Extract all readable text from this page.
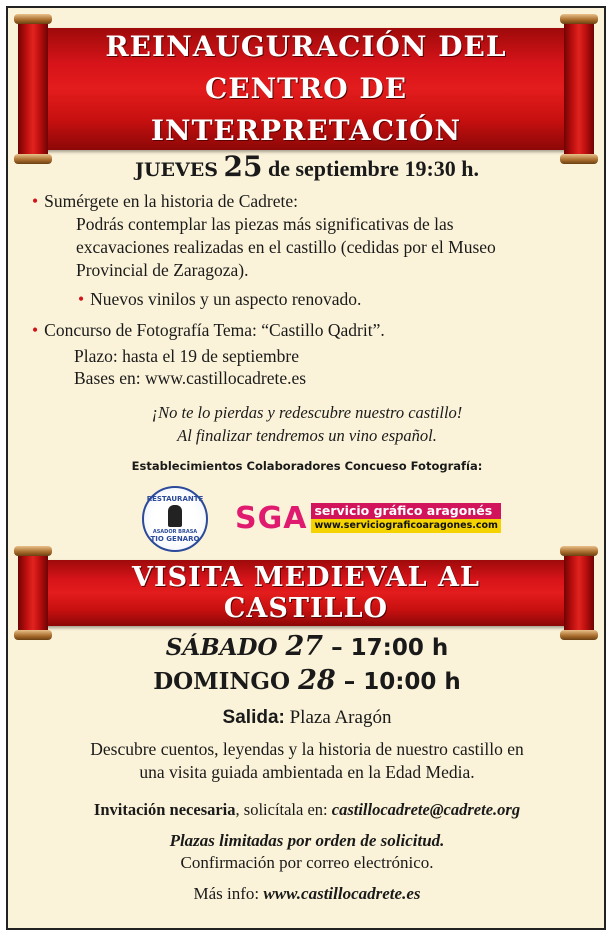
REINAUGURACIÓN DEL
CENTRO DE INTERPRETACIÓN
JUEVES 25 de septiembre 19:30 h.
• Sumérgete en la historia de Cadrete:
Podrás contemplar las piezas más significativas de las
excavaciones realizadas en el castillo (cedidas por el Museo
Provincial de Zaragoza).
• Nuevos vinilos y un aspecto renovado.
• Concurso de Fotografía Tema: “Castillo Qadrit”.
Plazo: hasta el 19 de septiembre
Bases en: www.castillocadrete.es
¡No te lo pierdas y redescubre nuestro castillo!
Al finalizar tendremos un vino español.
Establecimientos Colaboradores Concueso Fotografía:
RESTAURANTE
ASADOR BRASA
TIO GENARO
SGA servicio gráfico aragonés
www.serviciograficoaragones.com
VISITA MEDIEVAL AL CASTILLO
SÁBADO 27 – 17:00 h
DOMINGO 28 – 10:00 h
Salida: Plaza Aragón
Descubre cuentos, leyendas y la historia de nuestro castillo en
una visita guiada ambientada en la Edad Media.
Invitación necesaria, solicítala en: castillocadrete@cadrete.org
Plazas limitadas por orden de solicitud.
Confirmación por correo electrónico.
Más info: www.castillocadrete.es
